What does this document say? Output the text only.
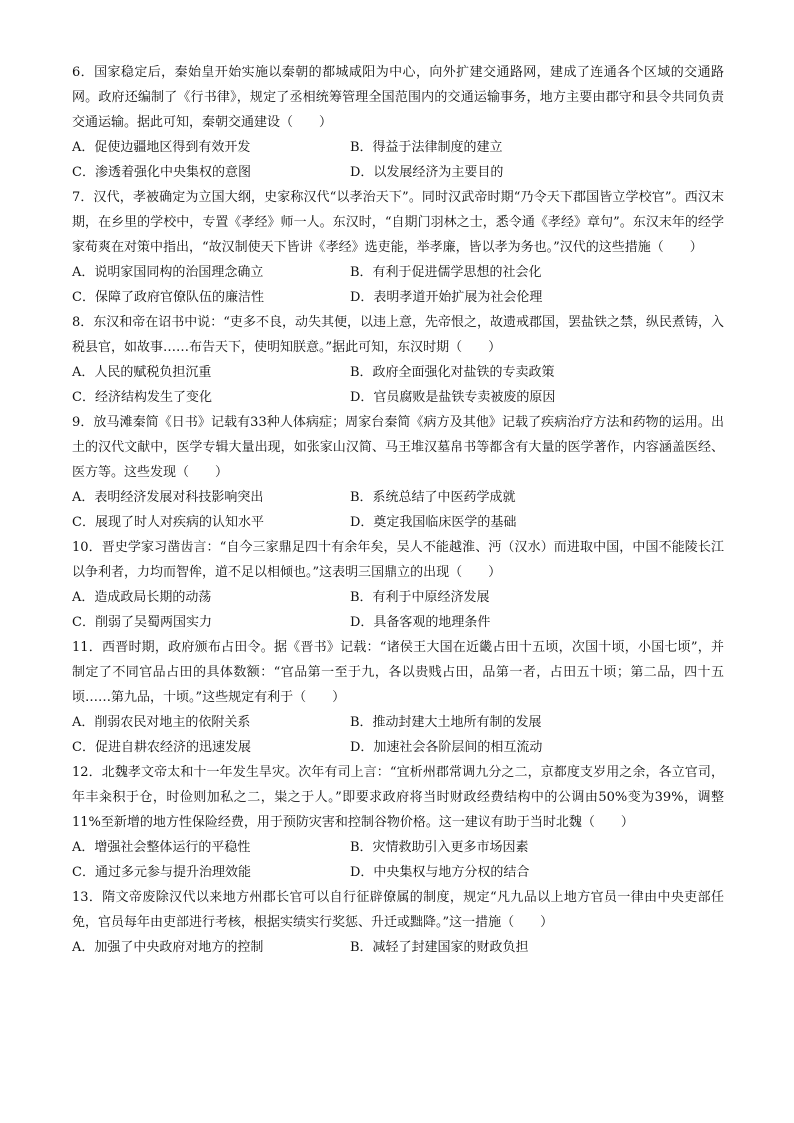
6．国家稳定后，秦始皇开始实施以秦朝的都城咸阳为中心，向外扩建交通路网，建成了连通各个区域的交通路网。政府还编制了《行书律》，规定了丞相统筹管理全国范围内的交通运输事务，地方主要由郡守和县令共同负责交通运输。据此可知，秦朝交通建设（　　）

A．促使边疆地区得到有效开发	B．得益于法律制度的建立

C．渗透着强化中央集权的意图	D．以发展经济为主要目的

7．汉代，孝被确定为立国大纲，史家称汉代“以孝治天下”。同时汉武帝时期“乃令天下郡国皆立学校官”。西汉末期，在乡里的学校中，专置《孝经》师一人。东汉时，“自期门羽林之士，悉令通《孝经》章句”。东汉末年的经学家荀爽在对策中指出，“故汉制使天下皆讲《孝经》选吏能，举孝廉，皆以孝为务也。”汉代的这些措施（　　）

A．说明家国同构的治国理念确立	B．有利于促进儒学思想的社会化

C．保障了政府官僚队伍的廉洁性	D．表明孝道开始扩展为社会伦理

8．东汉和帝在诏书中说：“吏多不良，动失其便，以违上意，先帝恨之，故遗戒郡国，罢盐铁之禁，纵民煮铸，入税县官，如故事……布告天下，使明知朕意。”据此可知，东汉时期（　　）

A．人民的赋税负担沉重	B．政府全面强化对盐铁的专卖政策

C．经济结构发生了变化	D．官员腐败是盐铁专卖被废的原因

9．放马滩秦简《日书》记载有33种人体病症；周家台秦简《病方及其他》记载了疾病治疗方法和药物的运用。出土的汉代文献中，医学专辑大量出现，如张家山汉简、马王堆汉墓帛书等都含有大量的医学著作，内容涵盖医经、医方等。这些发现（　　）

A．表明经济发展对科技影响突出	B．系统总结了中医药学成就

C．展现了时人对疾病的认知水平	D．奠定我国临床医学的基础

10．晋史学家习凿齿言：“自今三家鼎足四十有余年矣，吴人不能越淮、沔（汉水）而进取中国，中国不能陵长江以争利者，力均而智侔，道不足以相倾也。”这表明三国鼎立的出现（　　）

A．造成政局长期的动荡	B．有利于中原经济发展

C．削弱了吴蜀两国实力	D．具备客观的地理条件

11．西晋时期，政府颁布占田令。据《晋书》记载：“诸侯王大国在近畿占田十五顷，次国十顷，小国七顷”，并制定了不同官品占田的具体数额：“官品第一至于九，各以贵贱占田，品第一者，占田五十顷；第二品，四十五顷……第九品，十顷。”这些规定有利于（　　）

A．削弱农民对地主的依附关系	B．推动封建大土地所有制的发展

C．促进自耕农经济的迅速发展	D．加速社会各阶层间的相互流动

12．北魏孝文帝太和十一年发生旱灾。次年有司上言：“宜析州郡常调九分之二，京都度支岁用之余，各立官司，年丰籴积于仓，时俭则加私之二，粜之于人。”即要求政府将当时财政经费结构中的公调由50%变为39%，调整11%至新增的地方性保险经费，用于预防灾害和控制谷物价格。这一建议有助于当时北魏（　　）

A．增强社会整体运行的平稳性	B．灾情救助引入更多市场因素

C．通过多元参与提升治理效能	D．中央集权与地方分权的结合

13．隋文帝废除汉代以来地方州郡长官可以自行征辟僚属的制度，规定“凡九品以上地方官员一律由中央吏部任免，官员每年由吏部进行考核，根据实绩实行奖惩、升迁或黜降。”这一措施（　　）

A．加强了中央政府对地方的控制	B．减轻了封建国家的财政负担
